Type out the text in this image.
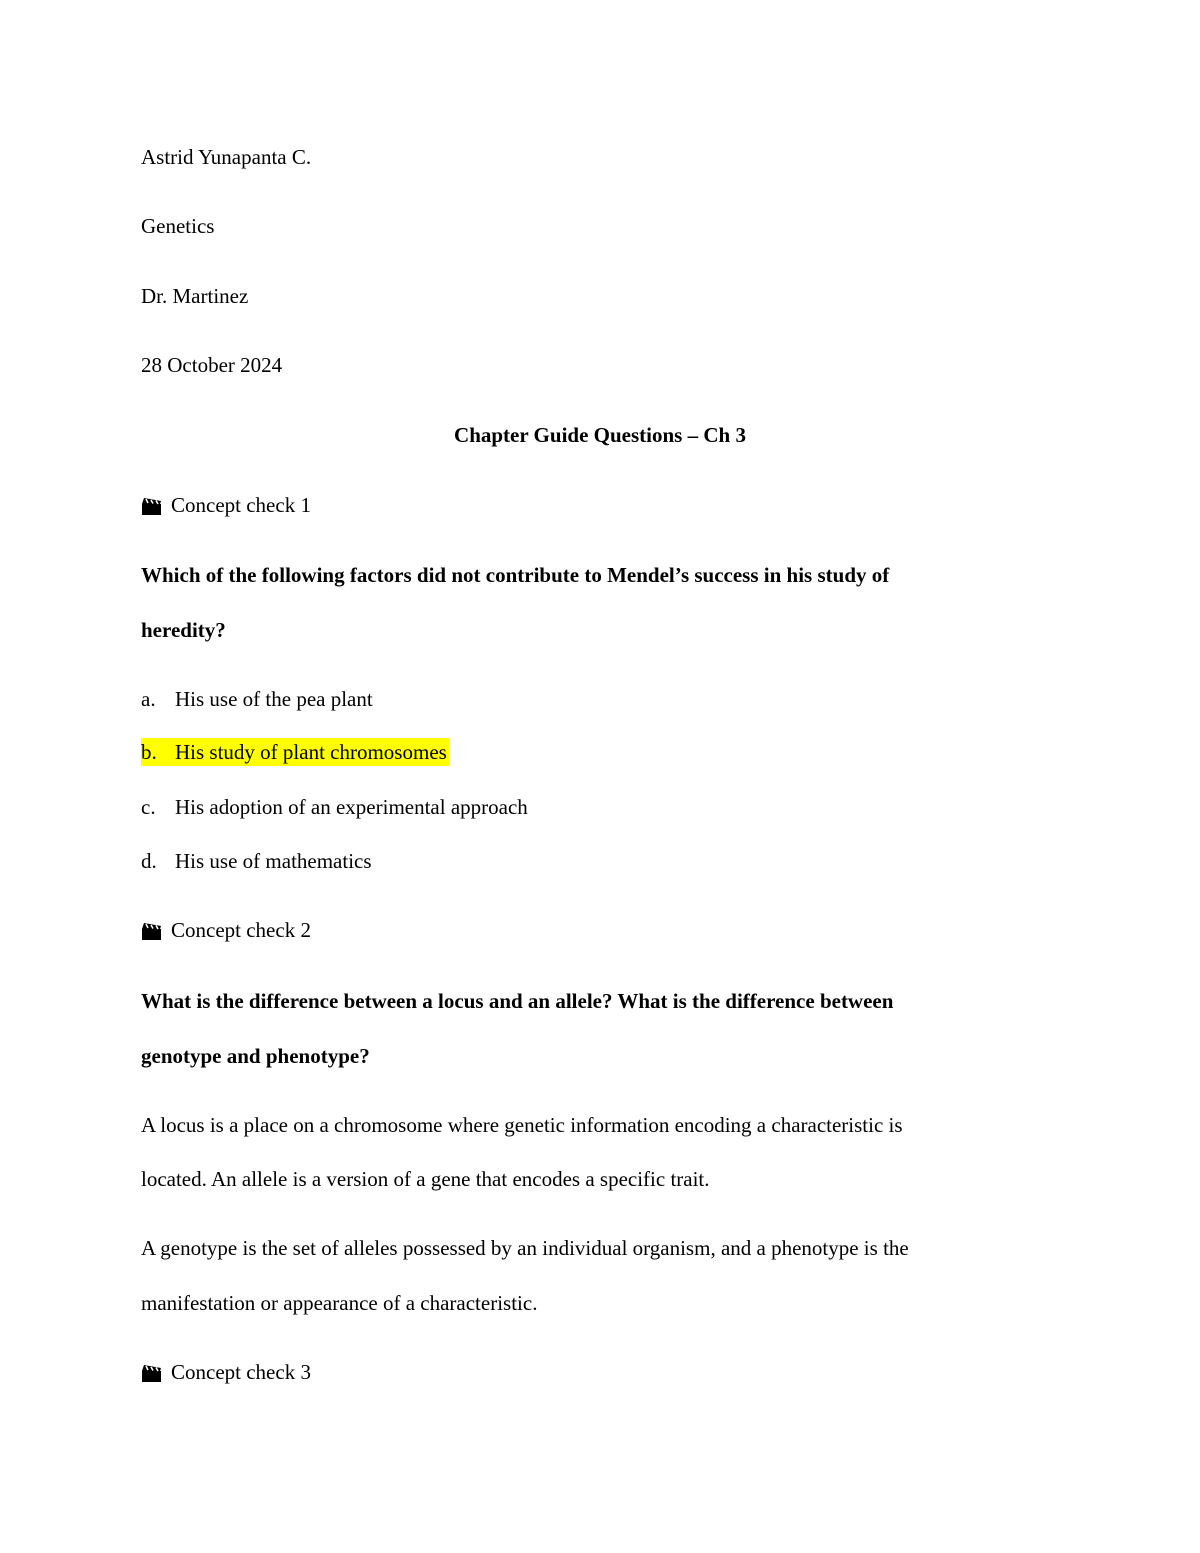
Astrid Yunapanta C.

Genetics

Dr. Martinez

28 October 2024

Chapter Guide Questions – Ch 3

Concept check 1

Which of the following factors did not contribute to Mendel’s success in his study of

heredity?

a. His use of the pea plant
b. His study of plant chromosomes
c. His adoption of an experimental approach
d. His use of mathematics
Concept check 2

What is the difference between a locus and an allele? What is the difference between

genotype and phenotype?

A locus is a place on a chromosome where genetic information encoding a characteristic is

located. An allele is a version of a gene that encodes a specific trait.

A genotype is the set of alleles possessed by an individual organism, and a phenotype is the

manifestation or appearance of a characteristic.

Concept check 3
